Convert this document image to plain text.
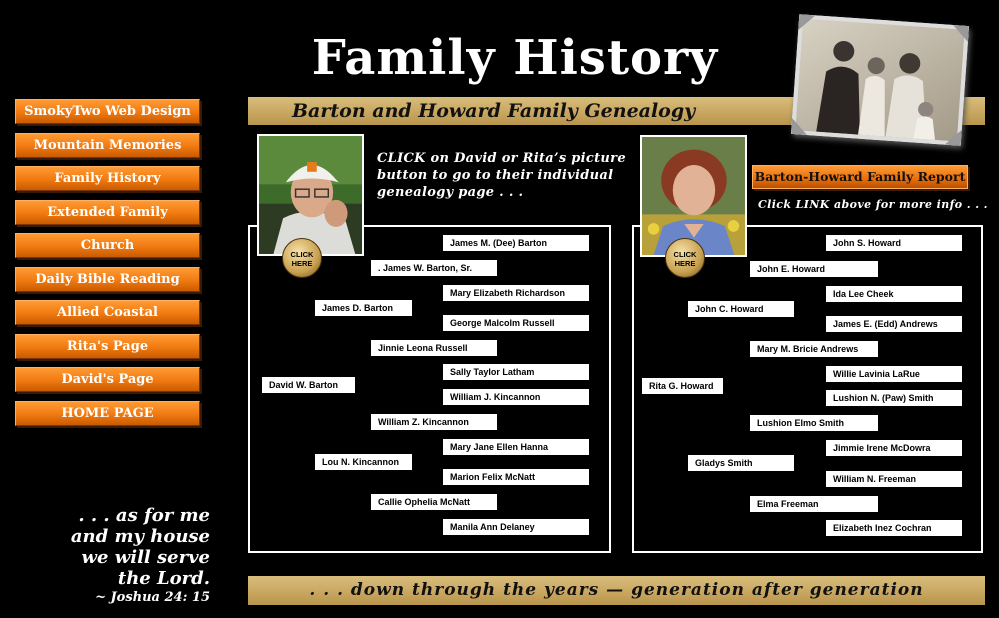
Family History
Barton and Howard Family Genealogy
SmokyTwo Web Design
Mountain Memories
Family History
Extended Family
Church
Daily Bible Reading
Allied Coastal
Rita's Page
David's Page
HOME PAGE
. . . as for me
and my house
we will serve
the Lord.
~ Joshua 24: 15
CLICK on David or Rita’s picture button to go to their individual genealogy page . . .
Barton-Howard Family Report
Click LINK above for more info . . .
James M. (Dee) Barton
. James W. Barton, Sr.
Mary Elizabeth Richardson
James D. Barton
George Malcolm Russell
Jinnie Leona Russell
Sally Taylor Latham
David W. Barton
William J. Kincannon
William Z. Kincannon
Mary Jane Ellen Hanna
Lou N. Kincannon
Marion Felix McNatt
Callie Ophelia McNatt
Manila Ann Delaney
John S. Howard
John E. Howard
Ida Lee Cheek
John C. Howard
James E. (Edd) Andrews
Mary M. Bricie Andrews
Willie Lavinia LaRue
Rita G. Howard
Lushion N. (Paw) Smith
Lushion Elmo Smith
Jimmie Irene McDowra
Gladys Smith
William N. Freeman
Elma Freeman
Elizabeth Inez Cochran
CLICK
HERE
CLICK
HERE
. . . down through the years — generation after generation
